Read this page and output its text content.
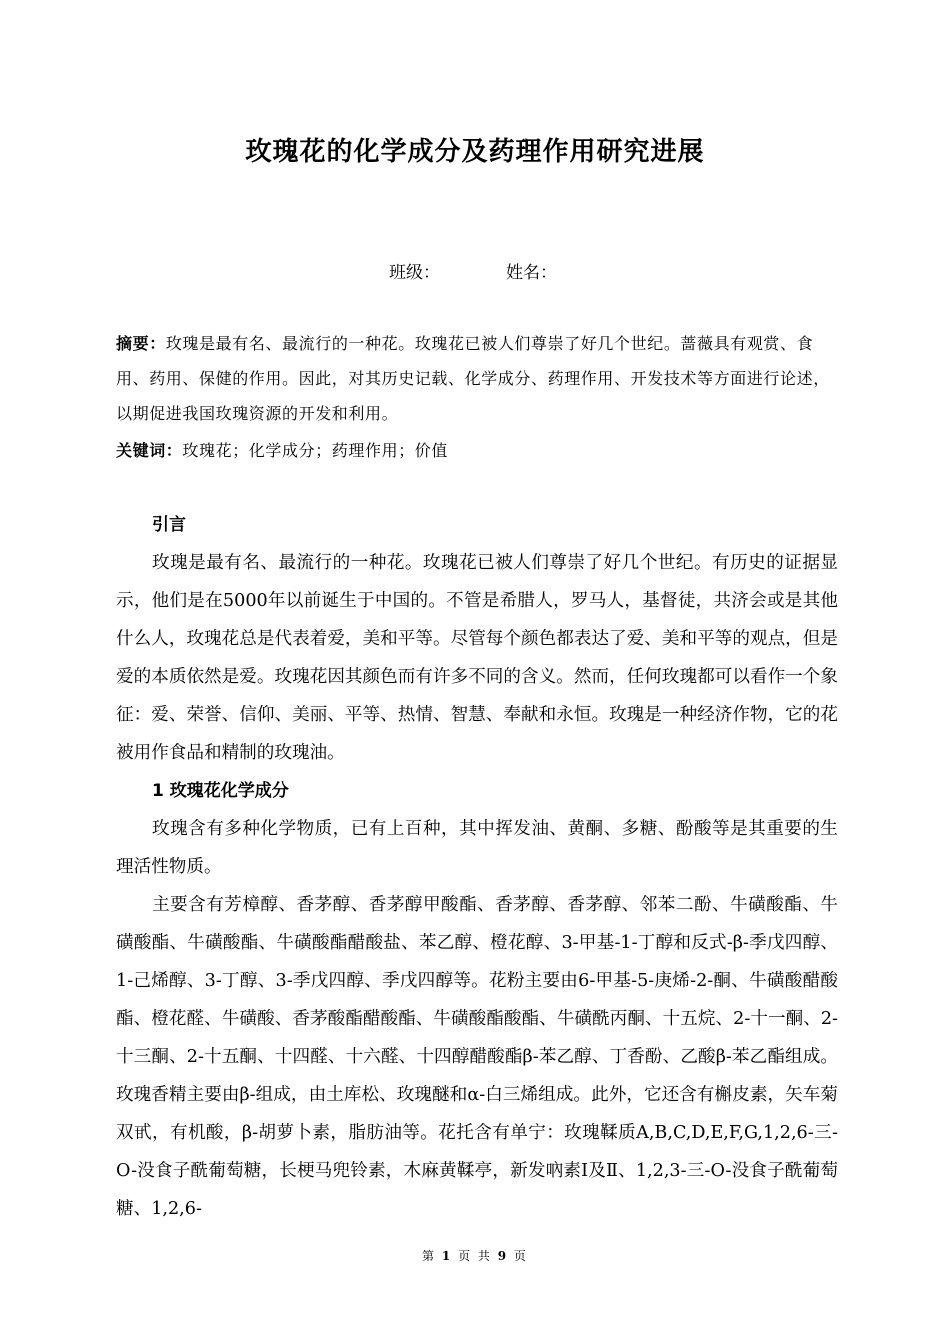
玫瑰花的化学成分及药理作用研究进展
班级：	姓名：
摘要：玫瑰是最有名、最流行的一种花。玫瑰花已被人们尊崇了好几个世纪。蔷薇具有观赏、食用、药用、保健的作用。因此，对其历史记载、化学成分、药理作用、开发技术等方面进行论述，以期促进我国玫瑰资源的开发和利用。
关键词：玫瑰花；化学成分；药理作用；价值
引言

玫瑰是最有名、最流行的一种花。玫瑰花已被人们尊崇了好几个世纪。有历史的证据显示，他们是在5000年以前诞生于中国的。不管是希腊人，罗马人，基督徒，共济会或是其他什么人，玫瑰花总是代表着爱，美和平等。尽管每个颜色都表达了爱、美和平等的观点，但是爱的本质依然是爱。玫瑰花因其颜色而有许多不同的含义。然而，任何玫瑰都可以看作一个象征：爱、荣誉、信仰、美丽、平等、热情、智慧、奉献和永恒。玫瑰是一种经济作物，它的花被用作食品和精制的玫瑰油。

1 玫瑰花化学成分

玫瑰含有多种化学物质，已有上百种，其中挥发油、黄酮、多糖、酚酸等是其重要的生理活性物质。

主要含有芳樟醇、香茅醇、香茅醇甲酸酯、香茅醇、香茅醇、邻苯二酚、牛磺酸酯、牛磺酸酯、牛磺酸酯、牛磺酸酯醋酸盐、苯乙醇、橙花醇、3-甲基-1-丁醇和反式-β-季戊四醇、1-己烯醇、3-丁醇、3-季戊四醇、季戊四醇等。花粉主要由6-甲基-5-庚烯-2-酮、牛磺酸醋酸酯、橙花醛、牛磺酸、香茅酸酯醋酸酯、牛磺酸酯酸酯、牛磺酰丙酮、十五烷、2-十一酮、2-十三酮、2-十五酮、十四醛、十六醛、十四醇醋酸酯β-苯乙醇、丁香酚、乙酸β-苯乙酯组成。玫瑰香精主要由β-组成，由土库松、玫瑰醚和α-白三烯组成。此外，它还含有槲皮素，矢车菊双甙，有机酸，β-胡萝卜素，脂肪油等。花托含有单宁：玫瑰鞣质A,B,C,D,E,F,G,1,2,6-三-O-没食子酰葡萄糖，长梗马兜铃素，木麻黄鞣亭，新发吶素Ⅰ及Ⅱ、1,2,3-三-O-没食子酰葡萄糖、1,2,6-

第 1 页 共 9 页
